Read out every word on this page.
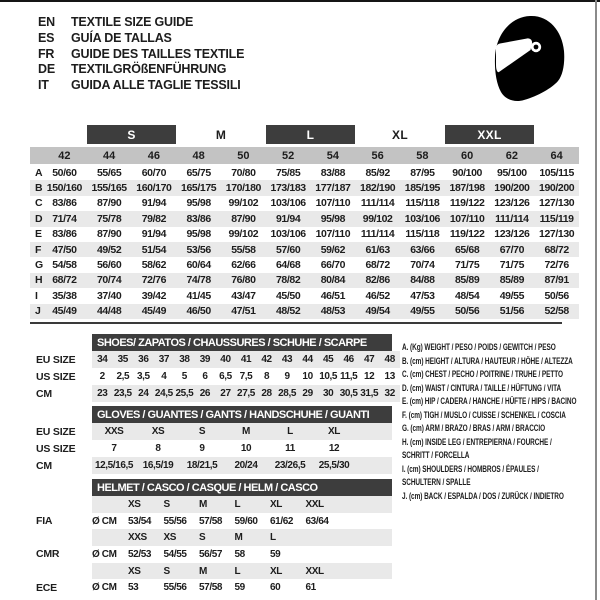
EN	TEXTILE SIZE GUIDE
ES	GUÍA DE TALLAS
FR	GUIDE DES TAILLES TEXTILE
DE	TEXTILGRÖßENFÜHRUNG
IT	GUIDA ALLE TAGLIE TESSILI
S	M	L	XL	XXL
42	44	46	48	50	52	54	56	58	60	62	64
A 50/60	55/65	60/70	65/75	70/80	75/85	83/88	85/92	87/95	90/100	95/100	105/115
B 150/160 155/165 160/170 165/175 170/180 173/183 177/187 182/190 185/195 187/198 190/200 190/200
C 83/86	87/90	91/94	95/98	99/102	103/106 107/110	111/114	115/118 119/122 123/126 127/130
D 71/74	75/78	79/82	83/86	87/90	91/94	95/98	99/102	103/106 107/110	111/114	115/119
E 83/86	87/90	91/94	95/98	99/102	103/106 107/110	111/114	115/118 119/122 123/126 127/130
F	47/50	49/52	51/54	53/56	55/58	57/60	59/62	61/63	63/66	65/68	67/70	68/72
G 54/58	56/60	58/62	60/64	62/66	64/68	66/70	68/72	70/74	71/75	71/75	72/76
H 68/72	70/74	72/76	74/78	76/80	78/82	80/84	82/86	84/88	85/89	85/89	87/91
I	35/38	37/40	39/42	41/45	43/47	45/50	46/51	46/52	47/53	48/54	49/55	50/56
J	45/49	44/48	45/49	46/50	47/51	48/52	48/53	49/54	49/55	50/56	51/56	52/58
SHOES/ ZAPATOS / CHAUSSURES / SCHUHE / SCARPE
EU SIZE	34	35	36	37	38	39	40	41	42	43	44	45	46	47	48
US SIZE	2	2,5 3,5	4	5	6	6,5 7,5	8	9	10 10,5 11,5 12	13
CM	23 23,5 24 24,5 25,5 26	27 27,5 28 28,5 29	30 30,5 31,5 32
GLOVES / GUANTES / GANTS / HANDSCHUHE / GUANTI
EU SIZE	XXS	XS	S	M	L	XL
US SIZE	7	8	9	10	11	12
CM	12,5/16,5 16,5/19	18/21,5	20/24	23/26,5	25,5/30
HELMET / CASCO / CASQUE / HELM / CASCO
XS	S	M	L	XL	XXL
FIA	Ø CM	53/54	55/56	57/58	59/60	61/62	63/64
XXS	XS	S	M	L
CMR	Ø CM	52/53	54/55	56/57	58	59
XS	S	M	L	XL	XXL
ECE	Ø CM	53	55/56	57/58	59	60	61
A. (Kg) WEIGHT / PESO / POIDS / GEWITCH / PESO
B. (cm) HEIGHT / ALTURA / HAUTEUR / HÖHE / ALTEZZA
C. (cm) CHEST / PECHO / POITRINE / TRUHE / PETTO
D. (cm) WAIST / CINTURA / TAILLE / HÜFTUNG / VITA
E. (cm) HIP / CADERA / HANCHE / HÜFTE / HIPS / BACINO
F. (cm) TIGH / MUSLO / CUISSE / SCHENKEL / COSCIA
G. (cm) ARM / BRAZO / BRAS / ARM / BRACCIO
H. (cm) INSIDE LEG / ENTREPIERNA / FOURCHE /
SCHRITT / FORCELLA
I. (cm) SHOULDERS / HOMBROS / ÉPAULES /
SCHULTERN / SPALLE
J. (cm) BACK / ESPALDA / DOS / ZURÜCK / INDIETRO
